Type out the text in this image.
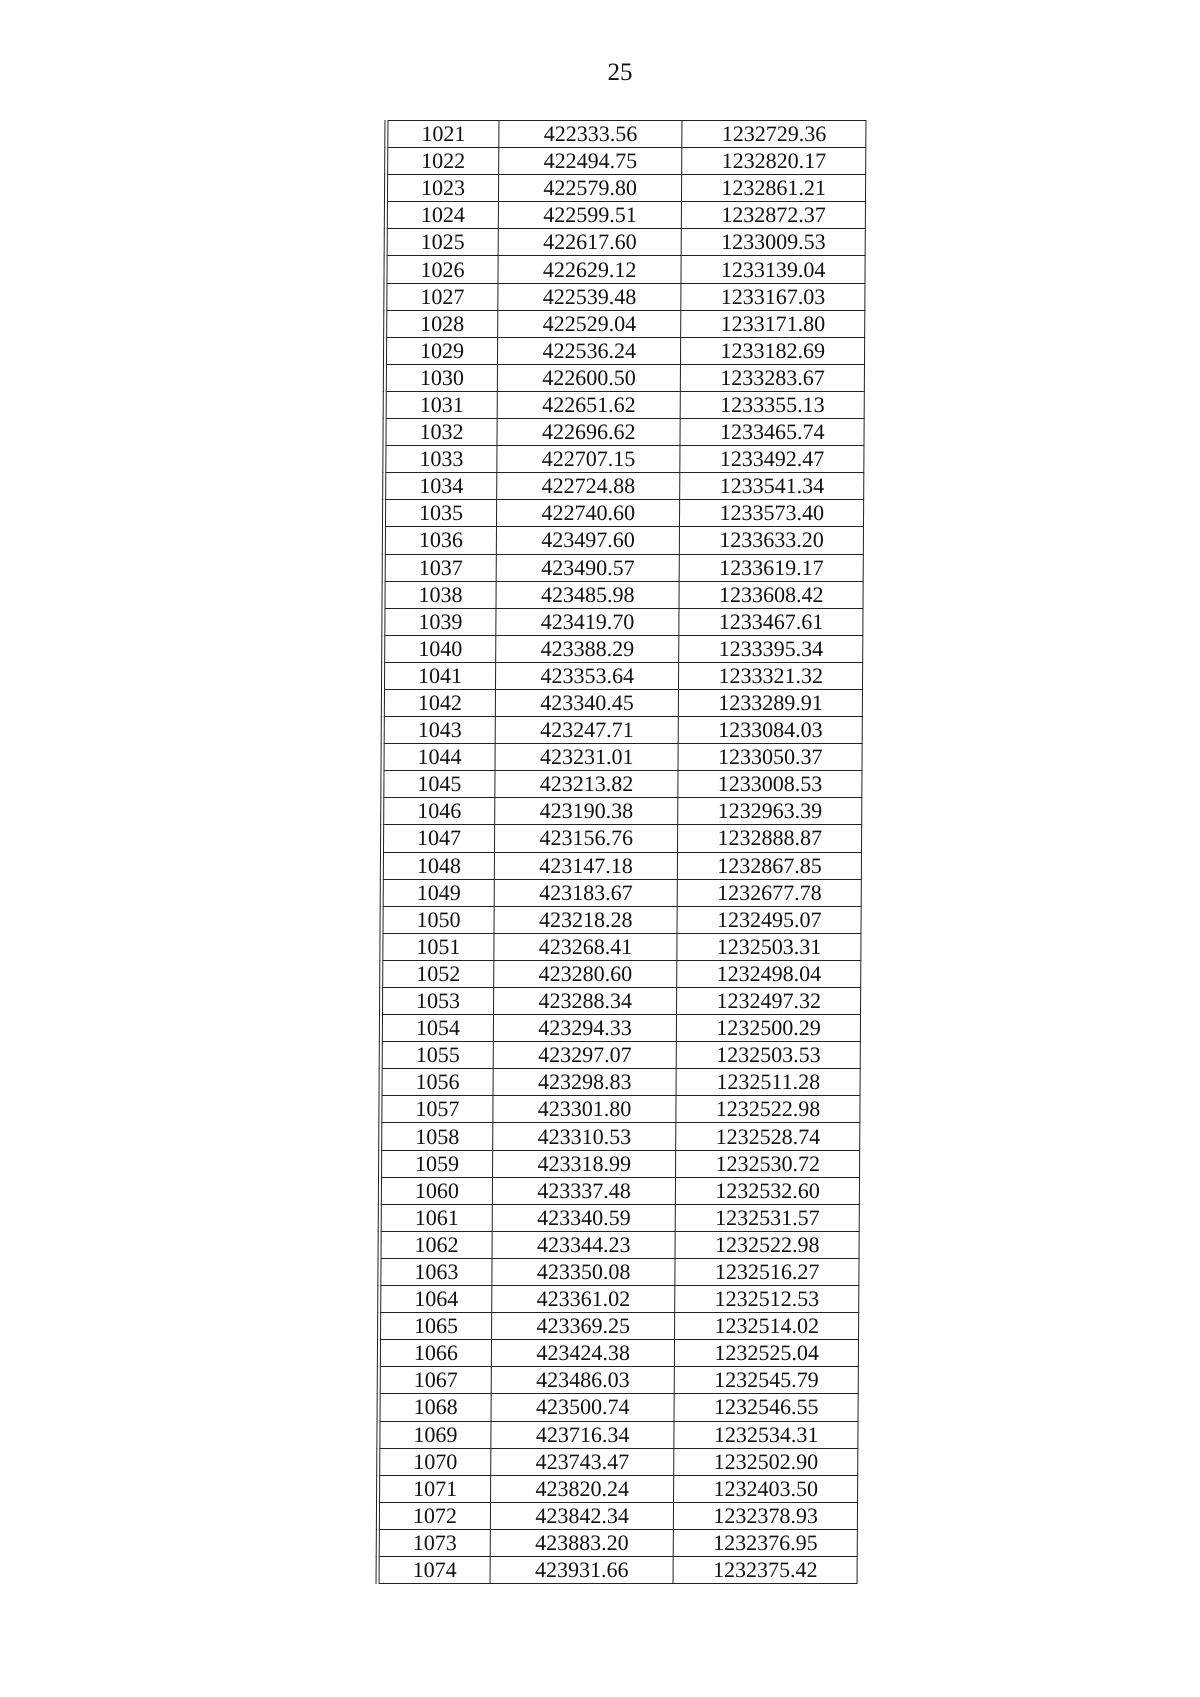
25
1021	422333.56	1232729.36
1022	422494.75	1232820.17
1023	422579.80	1232861.21
1024	422599.51	1232872.37
1025	422617.60	1233009.53
1026	422629.12	1233139.04
1027	422539.48	1233167.03
1028	422529.04	1233171.80
1029	422536.24	1233182.69
1030	422600.50	1233283.67
1031	422651.62	1233355.13
1032	422696.62	1233465.74
1033	422707.15	1233492.47
1034	422724.88	1233541.34
1035	422740.60	1233573.40
1036	423497.60	1233633.20
1037	423490.57	1233619.17
1038	423485.98	1233608.42
1039	423419.70	1233467.61
1040	423388.29	1233395.34
1041	423353.64	1233321.32
1042	423340.45	1233289.91
1043	423247.71	1233084.03
1044	423231.01	1233050.37
1045	423213.82	1233008.53
1046	423190.38	1232963.39
1047	423156.76	1232888.87
1048	423147.18	1232867.85
1049	423183.67	1232677.78
1050	423218.28	1232495.07
1051	423268.41	1232503.31
1052	423280.60	1232498.04
1053	423288.34	1232497.32
1054	423294.33	1232500.29
1055	423297.07	1232503.53
1056	423298.83	1232511.28
1057	423301.80	1232522.98
1058	423310.53	1232528.74
1059	423318.99	1232530.72
1060	423337.48	1232532.60
1061	423340.59	1232531.57
1062	423344.23	1232522.98
1063	423350.08	1232516.27
1064	423361.02	1232512.53
1065	423369.25	1232514.02
1066	423424.38	1232525.04
1067	423486.03	1232545.79
1068	423500.74	1232546.55
1069	423716.34	1232534.31
1070	423743.47	1232502.90
1071	423820.24	1232403.50
1072	423842.34	1232378.93
1073	423883.20	1232376.95
1074	423931.66	1232375.42
